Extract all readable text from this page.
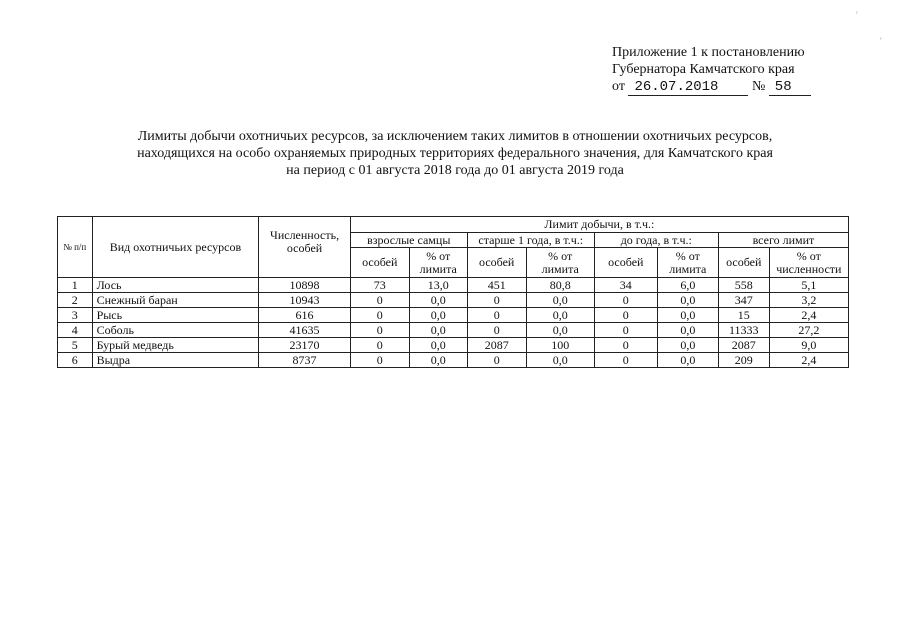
′
′
Приложение 1 к постановлению
Губернатора Камчатского края
от 26.07.2018 № 58
Лимиты добычи охотничьих ресурсов, за исключением таких лимитов в отношении охотничьих ресурсов,
находящихся на особо охраняемых природных территориях федерального значения, для Камчатского края
на период с 01 августа 2018 года до 01 августа 2019 года
№ п/п	Вид охотничьих ресурсов	Численность, особей	Лимит добычи, в т.ч.:							
			взрослые самцы		старше 1 года, в т.ч.:		до года, в т.ч.:		всего лимит	
			особей	% от лимита	особей	% от лимита	особей	% от лимита	особей	% от численности
1	Лось	10898	73	13,0	451	80,8	34	6,0	558	5,1
2	Снежный баран	10943	0	0,0	0	0,0	0	0,0	347	3,2
3	Рысь	616	0	0,0	0	0,0	0	0,0	15	2,4
4	Соболь	41635	0	0,0	0	0,0	0	0,0	11333	27,2
5	Бурый медведь	23170	0	0,0	2087	100	0	0,0	2087	9,0
6	Выдра	8737	0	0,0	0	0,0	0	0,0	209	2,4
